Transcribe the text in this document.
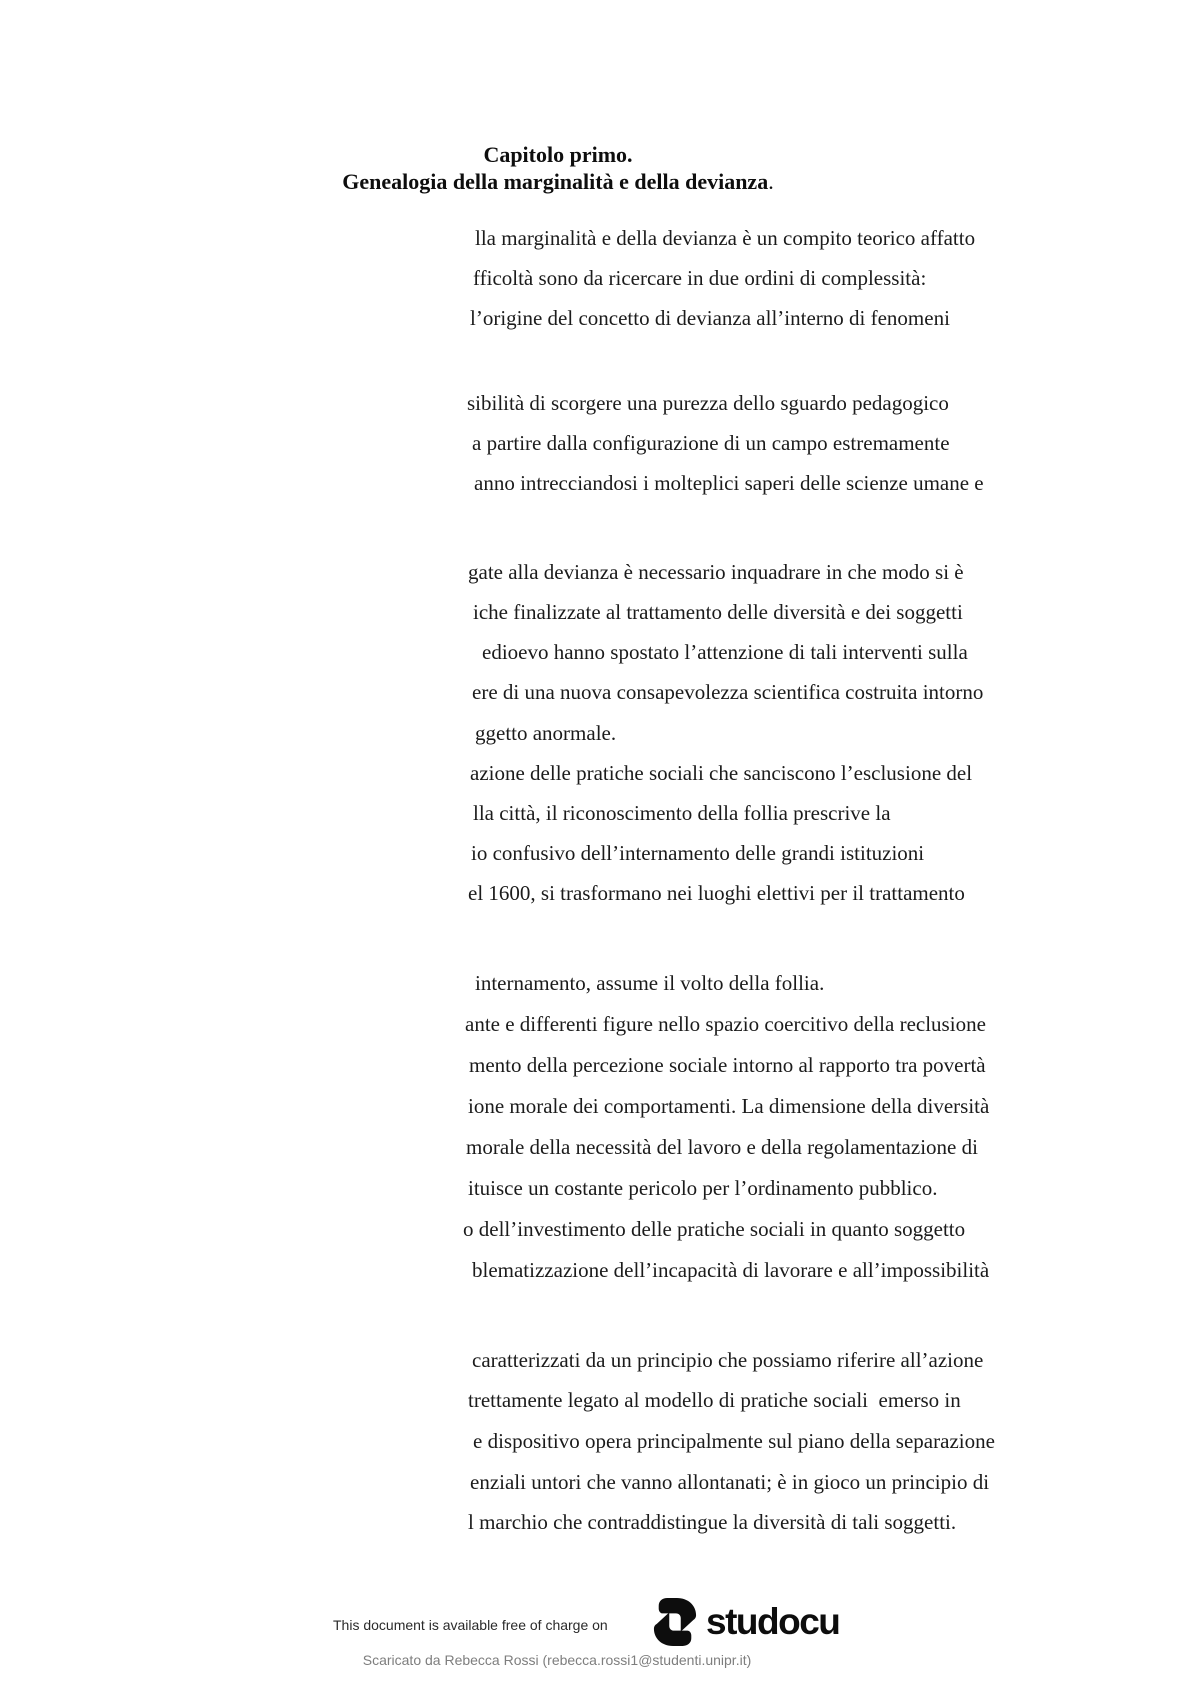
Capitolo primo.
Genealogia della marginalità e della devianza.
lla marginalità e della devianza è un compito teorico affatto
fficoltà sono da ricercare in due ordini di complessità:
l’origine del concetto di devianza all’interno di fenomeni
sibilità di scorgere una purezza dello sguardo pedagogico
a partire dalla configurazione di un campo estremamente
anno intrecciandosi i molteplici saperi delle scienze umane e
gate alla devianza è necessario inquadrare in che modo si è
iche finalizzate al trattamento delle diversità e dei soggetti
edioevo hanno spostato l’attenzione di tali interventi sulla
ere di una nuova consapevolezza scientifica costruita intorno
ggetto anormale.
azione delle pratiche sociali che sanciscono l’esclusione del
lla città, il riconoscimento della follia prescrive la
io confusivo dell’internamento delle grandi istituzioni
el 1600, si trasformano nei luoghi elettivi per il trattamento
internamento, assume il volto della follia.
ante e differenti figure nello spazio coercitivo della reclusione
mento della percezione sociale intorno al rapporto tra povertà
ione morale dei comportamenti. La dimensione della diversità
morale della necessità del lavoro e della regolamentazione di
ituisce un costante pericolo per l’ordinamento pubblico.
o dell’investimento delle pratiche sociali in quanto soggetto
blematizzazione dell’incapacità di lavorare e all’impossibilità
caratterizzati da un principio che possiamo riferire all’azione
trettamente legato al modello di pratiche sociali  emerso in
e dispositivo opera principalmente sul piano della separazione
enziali untori che vanno allontanati; è in gioco un principio di
l marchio che contraddistingue la diversità di tali soggetti.
This document is available free of charge on	studocu
Scaricato da Rebecca Rossi (rebecca.rossi1@studenti.unipr.it)
